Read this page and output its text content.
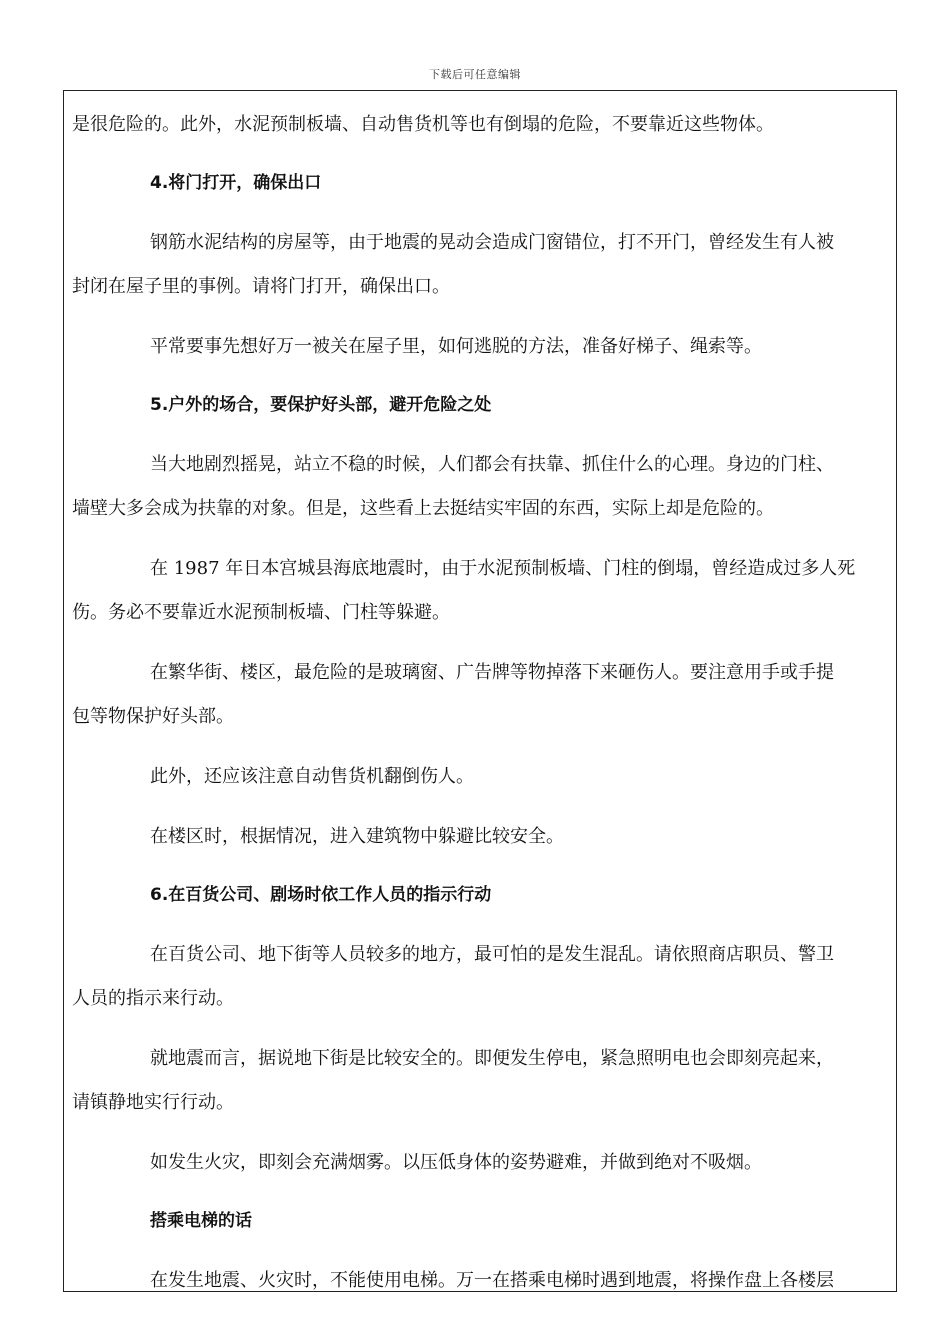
下载后可任意编辑
是很危险的。此外，水泥预制板墙、自动售货机等也有倒塌的危险，不要靠近这些物体。
4.将门打开，确保出口
钢筋水泥结构的房屋等，由于地震的晃动会造成门窗错位，打不开门，曾经发生有人被
封闭在屋子里的事例。请将门打开，确保出口。
平常要事先想好万一被关在屋子里，如何逃脱的方法，准备好梯子、绳索等。
5.户外的场合，要保护好头部，避开危险之处
当大地剧烈摇晃，站立不稳的时候，人们都会有扶靠、抓住什么的心理。身边的门柱、
墙壁大多会成为扶靠的对象。但是，这些看上去挺结实牢固的东西，实际上却是危险的。
在 1987 年日本宫城县海底地震时，由于水泥预制板墙、门柱的倒塌，曾经造成过多人死
伤。务必不要靠近水泥预制板墙、门柱等躲避。
在繁华街、楼区，最危险的是玻璃窗、广告牌等物掉落下来砸伤人。要注意用手或手提
包等物保护好头部。
此外，还应该注意自动售货机翻倒伤人。
在楼区时，根据情况，进入建筑物中躲避比较安全。
6.在百货公司、剧场时依工作人员的指示行动
在百货公司、地下街等人员较多的地方，最可怕的是发生混乱。请依照商店职员、警卫
人员的指示来行动。
就地震而言，据说地下街是比较安全的。即便发生停电，紧急照明电也会即刻亮起来，
请镇静地实行行动。
如发生火灾，即刻会充满烟雾。以压低身体的姿势避难，并做到绝对不吸烟。
搭乘电梯的话
在发生地震、火灾时，不能使用电梯。万一在搭乘电梯时遇到地震，将操作盘上各楼层
